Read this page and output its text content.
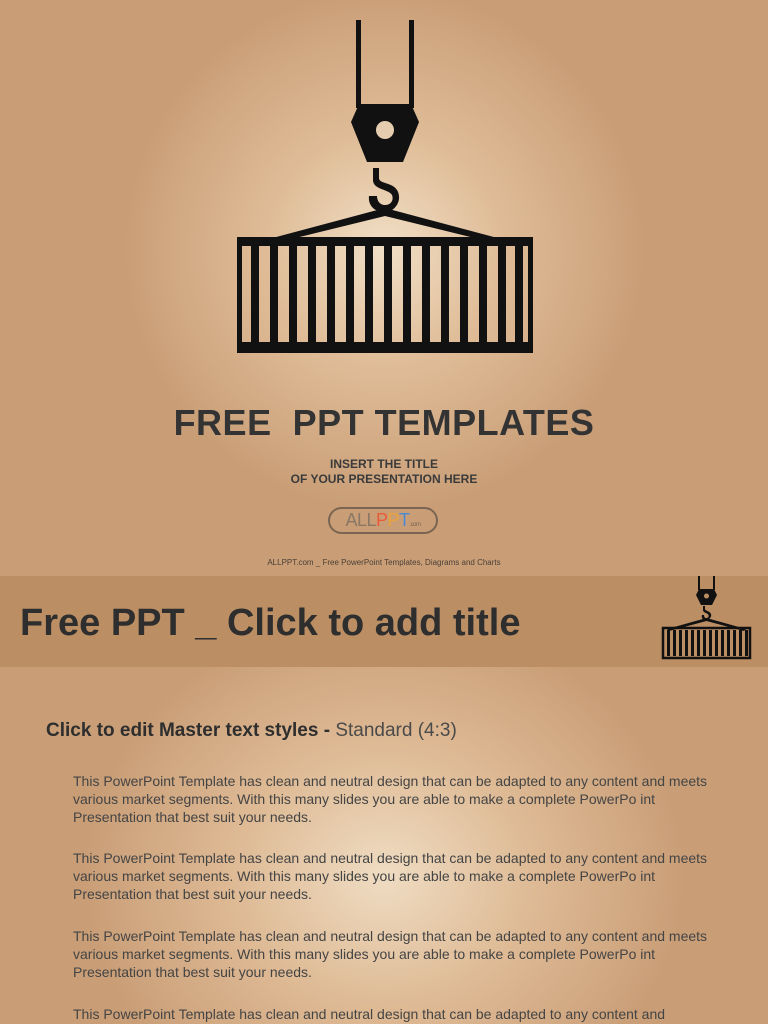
FREE  PPT TEMPLATES
INSERT THE TITLE
OF YOUR PRESENTATION HERE
ALLPPT.com
ALLPPT.com _ Free PowerPoint Templates, Diagrams and Charts
Free PPT _ Click to add title
Click to edit Master text styles - Standard (4:3)
This PowerPoint Template has clean and neutral design that can be adapted to any content and meets various market segments. With this many slides you are able to make a complete PowerPo int Presentation that best suit your needs.
This PowerPoint Template has clean and neutral design that can be adapted to any content and meets various market segments. With this many slides you are able to make a complete PowerPo int Presentation that best suit your needs.
This PowerPoint Template has clean and neutral design that can be adapted to any content and meets various market segments. With this many slides you are able to make a complete PowerPo int Presentation that best suit your needs.
This PowerPoint Template has clean and neutral design that can be adapted to any content and
